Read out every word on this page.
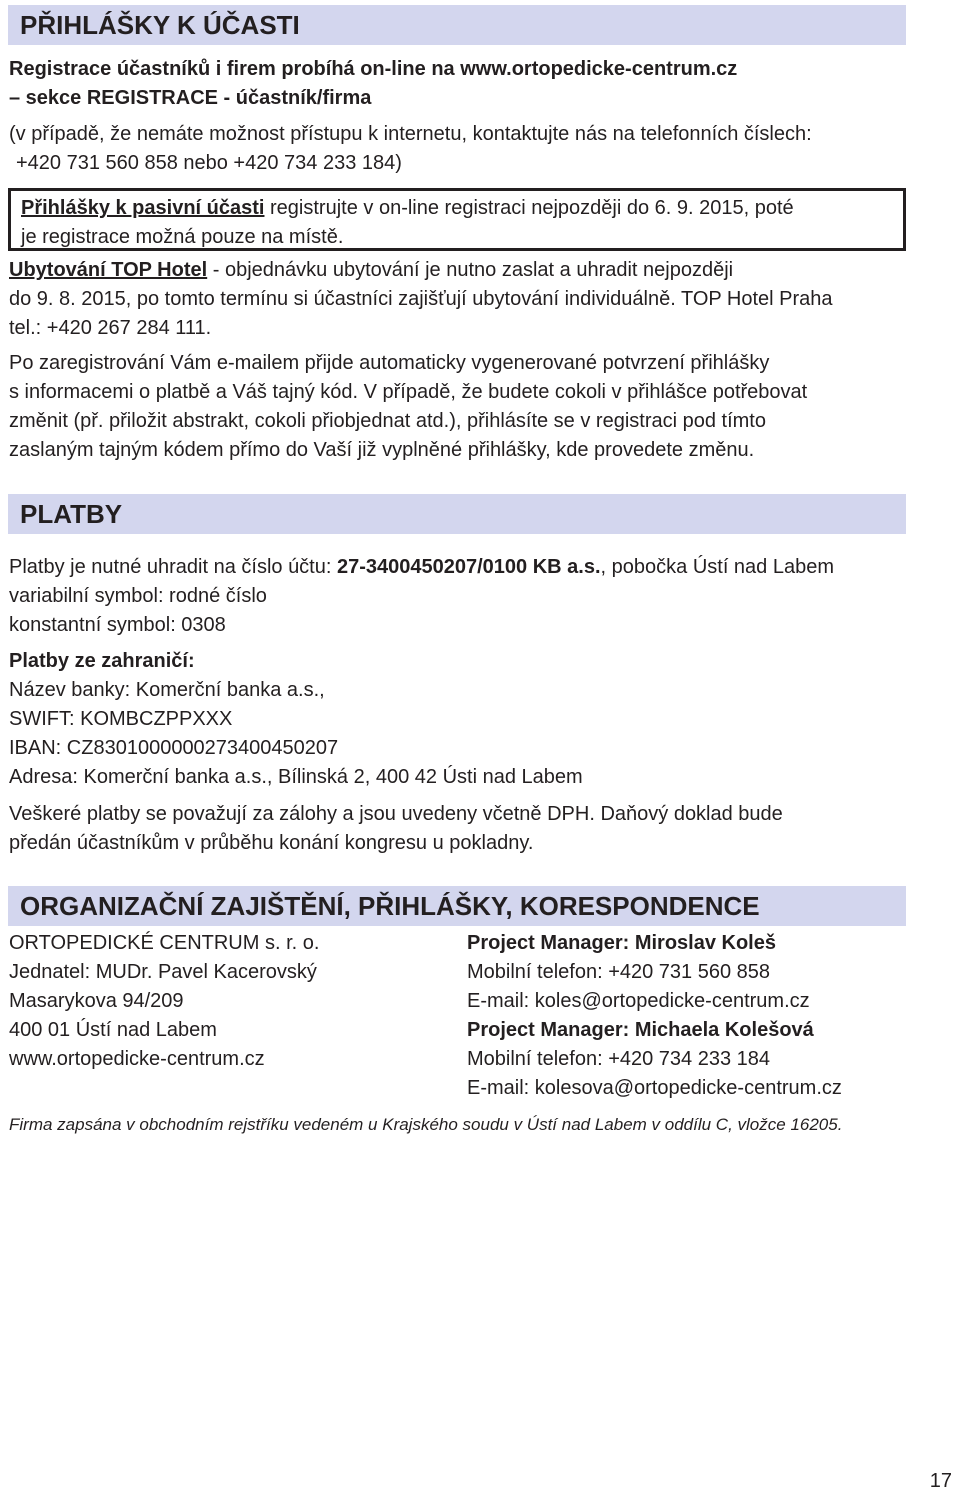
PŘIHLÁŠKY K ÚČASTI
Registrace účastníků i firem probíhá on-line na www.ortopedicke-centrum.cz
– sekce REGISTRACE - účastník/firma
(v případě, že nemáte možnost přístupu k internetu, kontaktujte nás na telefonních číslech:
+420 731 560 858 nebo +420 734 233 184)
Přihlášky k pasivní účasti registrujte v on-line registraci nejpozději do 6. 9. 2015, poté
je registrace možná pouze na místě.
Ubytování TOP Hotel - objednávku ubytování je nutno zaslat a uhradit nejpozději
do 9. 8. 2015, po tomto termínu si účastníci zajišťují ubytování individuálně. TOP Hotel Praha
tel.: +420 267 284 111.
Po zaregistrování Vám e-mailem přijde automaticky vygenerované potvrzení přihlášky
s informacemi o platbě a Váš tajný kód. V případě, že budete cokoli v přihlášce potřebovat
změnit (př. přiložit abstrakt, cokoli přiobjednat atd.), přihlásíte se v registraci pod tímto
zaslaným tajným kódem přímo do Vaší již vyplněné přihlášky, kde provedete změnu.
PLATBY
Platby je nutné uhradit na číslo účtu: 27-3400450207/0100 KB a.s., pobočka Ústí nad Labem
variabilní symbol: rodné číslo
konstantní symbol: 0308
Platby ze zahraničí:
Název banky: Komerční banka a.s.,
SWIFT: KOMBCZPPXXX
IBAN: CZ8301000000273400450207
Adresa: Komerční banka a.s., Bílinská 2, 400 42 Ústi nad Labem
Veškeré platby se považují za zálohy a jsou uvedeny včetně DPH. Daňový doklad bude
předán účastníkům v průběhu konání kongresu u pokladny.
ORGANIZAČNÍ ZAJIŠTĚNÍ, PŘIHLÁŠKY, KORESPONDENCE
ORTOPEDICKÉ CENTRUM s. r. o.
Jednatel: MUDr. Pavel Kacerovský
Masarykova 94/209
400 01 Ústí nad Labem
www.ortopedicke-centrum.cz
Project Manager: Miroslav Koleš
Mobilní telefon: +420 731 560 858
E-mail: koles@ortopedicke-centrum.cz
Project Manager: Michaela Kolešová
Mobilní telefon: +420 734 233 184
E-mail: kolesova@ortopedicke-centrum.cz
Firma zapsána v obchodním rejstříku vedeném u Krajského soudu v Ústí nad Labem v oddílu C, vložce 16205.
17
